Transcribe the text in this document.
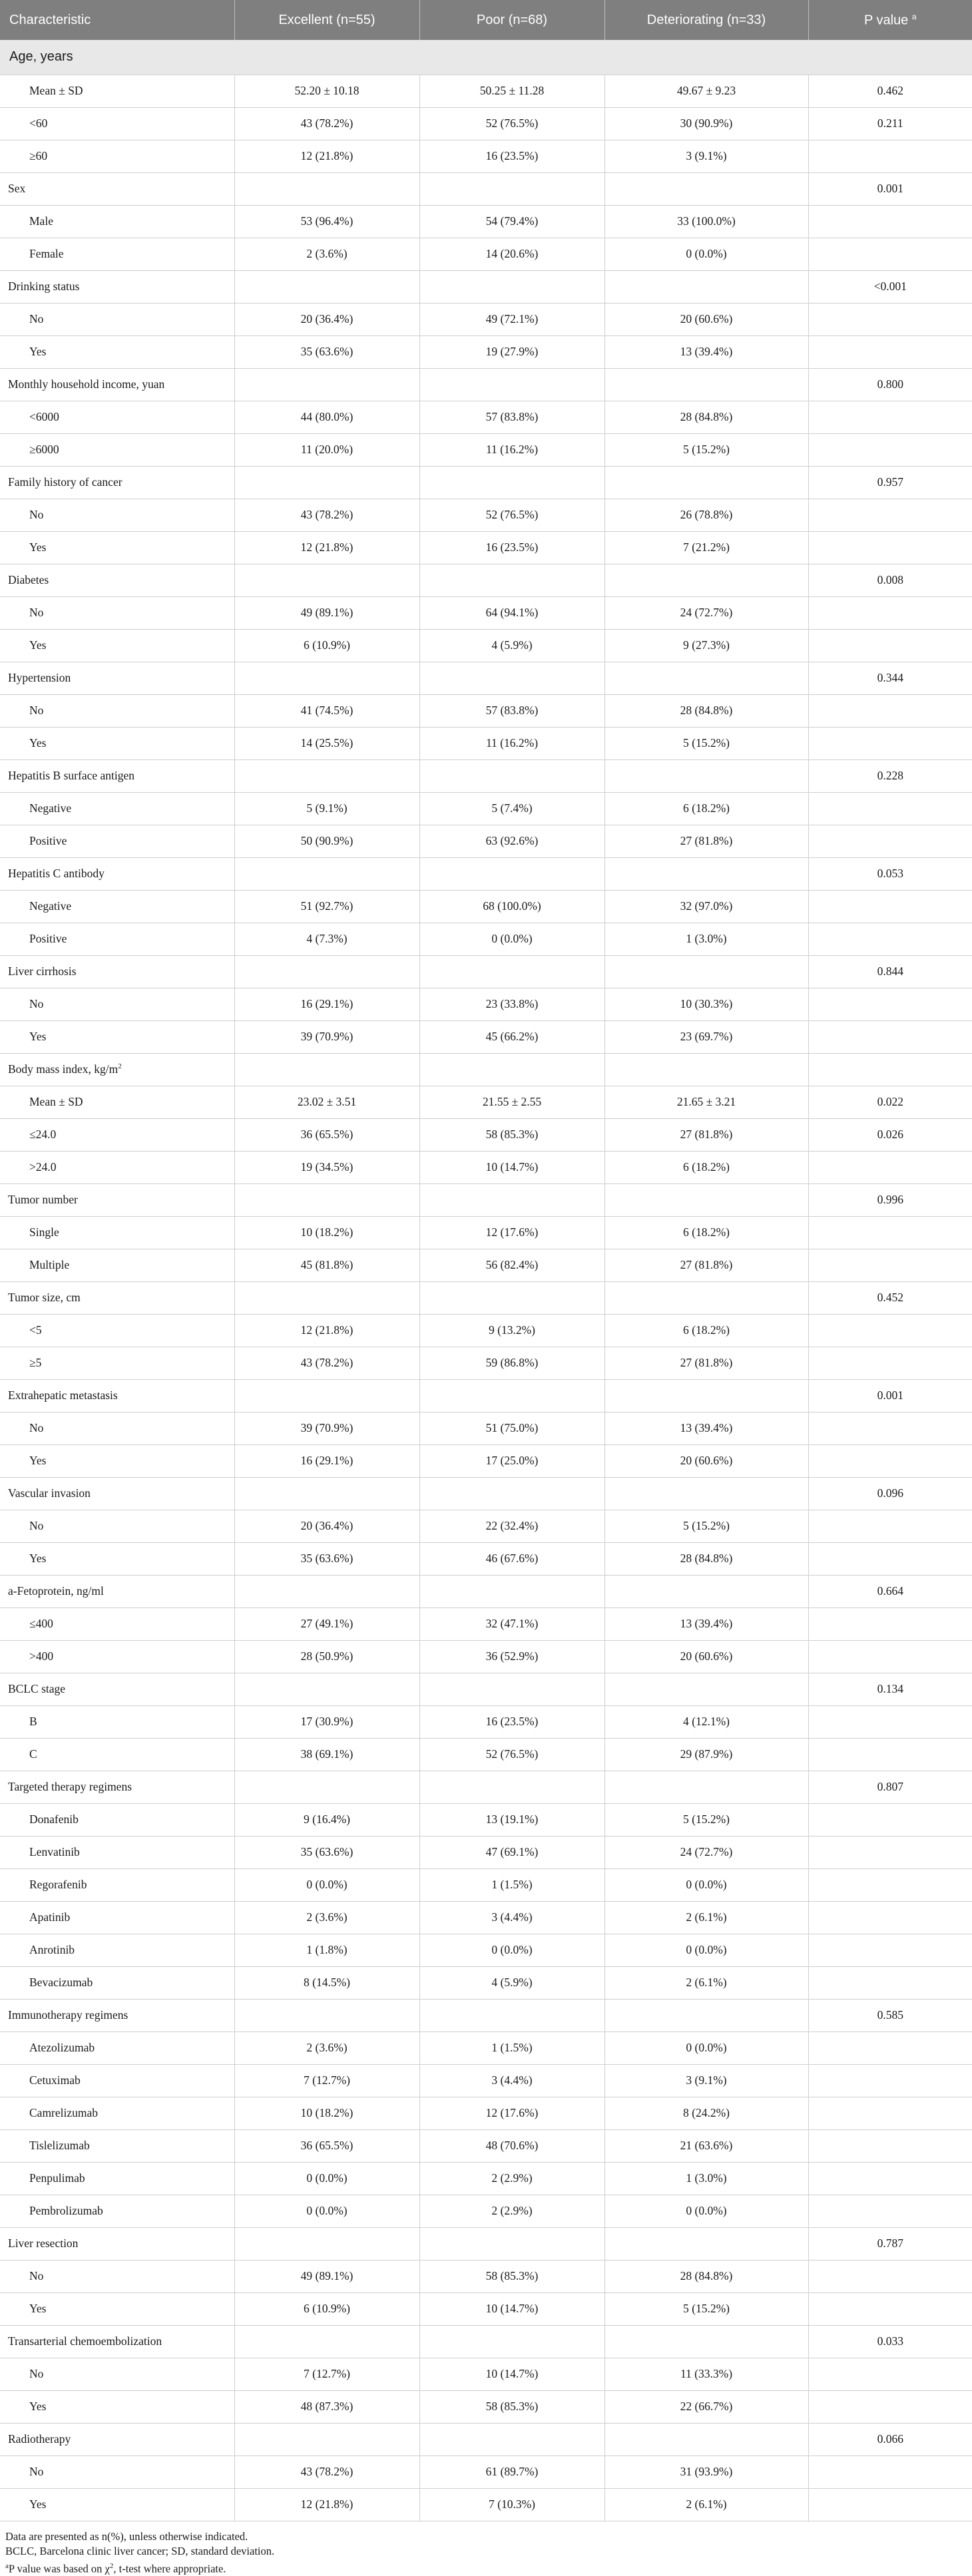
Characteristic	Excellent (n=55)	Poor (n=68)	Deteriorating (n=33)	P value $^a$
Age, years				
Mean ± SD	52.20 ± 10.18	50.25 ± 11.28	49.67 ± 9.23	0.462
<60	43 (78.2%)	52 (76.5%)	30 (90.9%)	0.211
≥60	12 (21.8%)	16 (23.5%)	3 (9.1%)	
Sex				0.001
Male	53 (96.4%)	54 (79.4%)	33 (100.0%)	
Female	2 (3.6%)	14 (20.6%)	0 (0.0%)	
Drinking status				<0.001
No	20 (36.4%)	49 (72.1%)	20 (60.6%)	
Yes	35 (63.6%)	19 (27.9%)	13 (39.4%)	
Monthly household income, yuan				0.800
<6000	44 (80.0%)	57 (83.8%)	28 (84.8%)	
≥6000	11 (20.0%)	11 (16.2%)	5 (15.2%)	
Family history of cancer				0.957
No	43 (78.2%)	52 (76.5%)	26 (78.8%)	
Yes	12 (21.8%)	16 (23.5%)	7 (21.2%)	
Diabetes				0.008
No	49 (89.1%)	64 (94.1%)	24 (72.7%)	
Yes	6 (10.9%)	4 (5.9%)	9 (27.3%)	
Hypertension				0.344
No	41 (74.5%)	57 (83.8%)	28 (84.8%)	
Yes	14 (25.5%)	11 (16.2%)	5 (15.2%)	
Hepatitis B surface antigen				0.228
Negative	5 (9.1%)	5 (7.4%)	6 (18.2%)	
Positive	50 (90.9%)	63 (92.6%)	27 (81.8%)	
Hepatitis C antibody				0.053
Negative	51 (92.7%)	68 (100.0%)	32 (97.0%)	
Positive	4 (7.3%)	0 (0.0%)	1 (3.0%)	
Liver cirrhosis				0.844
No	16 (29.1%)	23 (33.8%)	10 (30.3%)	
Yes	39 (70.9%)	45 (66.2%)	23 (69.7%)	
Body mass index, $kg/m^2$				
Mean ± SD	23.02 ± 3.51	21.55 ± 2.55	21.65 ± 3.21	0.022
≤24.0	36 (65.5%)	58 (85.3%)	27 (81.8%)	0.026
>24.0	19 (34.5%)	10 (14.7%)	6 (18.2%)	
Tumor number				0.996
Single	10 (18.2%)	12 (17.6%)	6 (18.2%)	
Multiple	45 (81.8%)	56 (82.4%)	27 (81.8%)	
Tumor size, cm				0.452
<5	12 (21.8%)	9 (13.2%)	6 (18.2%)	
≥5	43 (78.2%)	59 (86.8%)	27 (81.8%)	
Extrahepatic metastasis				0.001
No	39 (70.9%)	51 (75.0%)	13 (39.4%)	
Yes	16 (29.1%)	17 (25.0%)	20 (60.6%)	
Vascular invasion				0.096
No	20 (36.4%)	22 (32.4%)	5 (15.2%)	
Yes	35 (63.6%)	46 (67.6%)	28 (84.8%)	
a-Fetoprotein, ng/ml				0.664
≤400	27 (49.1%)	32 (47.1%)	13 (39.4%)	
>400	28 (50.9%)	36 (52.9%)	20 (60.6%)	
BCLC stage				0.134
B	17 (30.9%)	16 (23.5%)	4 (12.1%)	
C	38 (69.1%)	52 (76.5%)	29 (87.9%)	
Targeted therapy regimens				0.807
Donafenib	9 (16.4%)	13 (19.1%)	5 (15.2%)	
Lenvatinib	35 (63.6%)	47 (69.1%)	24 (72.7%)	
Regorafenib	0 (0.0%)	1 (1.5%)	0 (0.0%)	
Apatinib	2 (3.6%)	3 (4.4%)	2 (6.1%)	
Anrotinib	1 (1.8%)	0 (0.0%)	0 (0.0%)	
Bevacizumab	8 (14.5%)	4 (5.9%)	2 (6.1%)	
Immunotherapy regimens				0.585
Atezolizumab	2 (3.6%)	1 (1.5%)	0 (0.0%)	
Cetuximab	7 (12.7%)	3 (4.4%)	3 (9.1%)	
Camrelizumab	10 (18.2%)	12 (17.6%)	8 (24.2%)	
Tislelizumab	36 (65.5%)	48 (70.6%)	21 (63.6%)	
Penpulimab	0 (0.0%)	2 (2.9%)	1 (3.0%)	
Pembrolizumab	0 (0.0%)	2 (2.9%)	0 (0.0%)	
Liver resection				0.787
No	49 (89.1%)	58 (85.3%)	28 (84.8%)	
Yes	6 (10.9%)	10 (14.7%)	5 (15.2%)	
Transarterial chemoembolization				0.033
No	7 (12.7%)	10 (14.7%)	11 (33.3%)	
Yes	48 (87.3%)	58 (85.3%)	22 (66.7%)	
Radiotherapy				0.066
No	43 (78.2%)	61 (89.7%)	31 (93.9%)	
Yes	12 (21.8%)	7 (10.3%)	2 (6.1%)	
Data are presented as n(%), unless otherwise indicated.
BCLC, Barcelona clinic liver cancer; SD, standard deviation.
$^a$P value was based on $\chi^2$, t-test where appropriate.
